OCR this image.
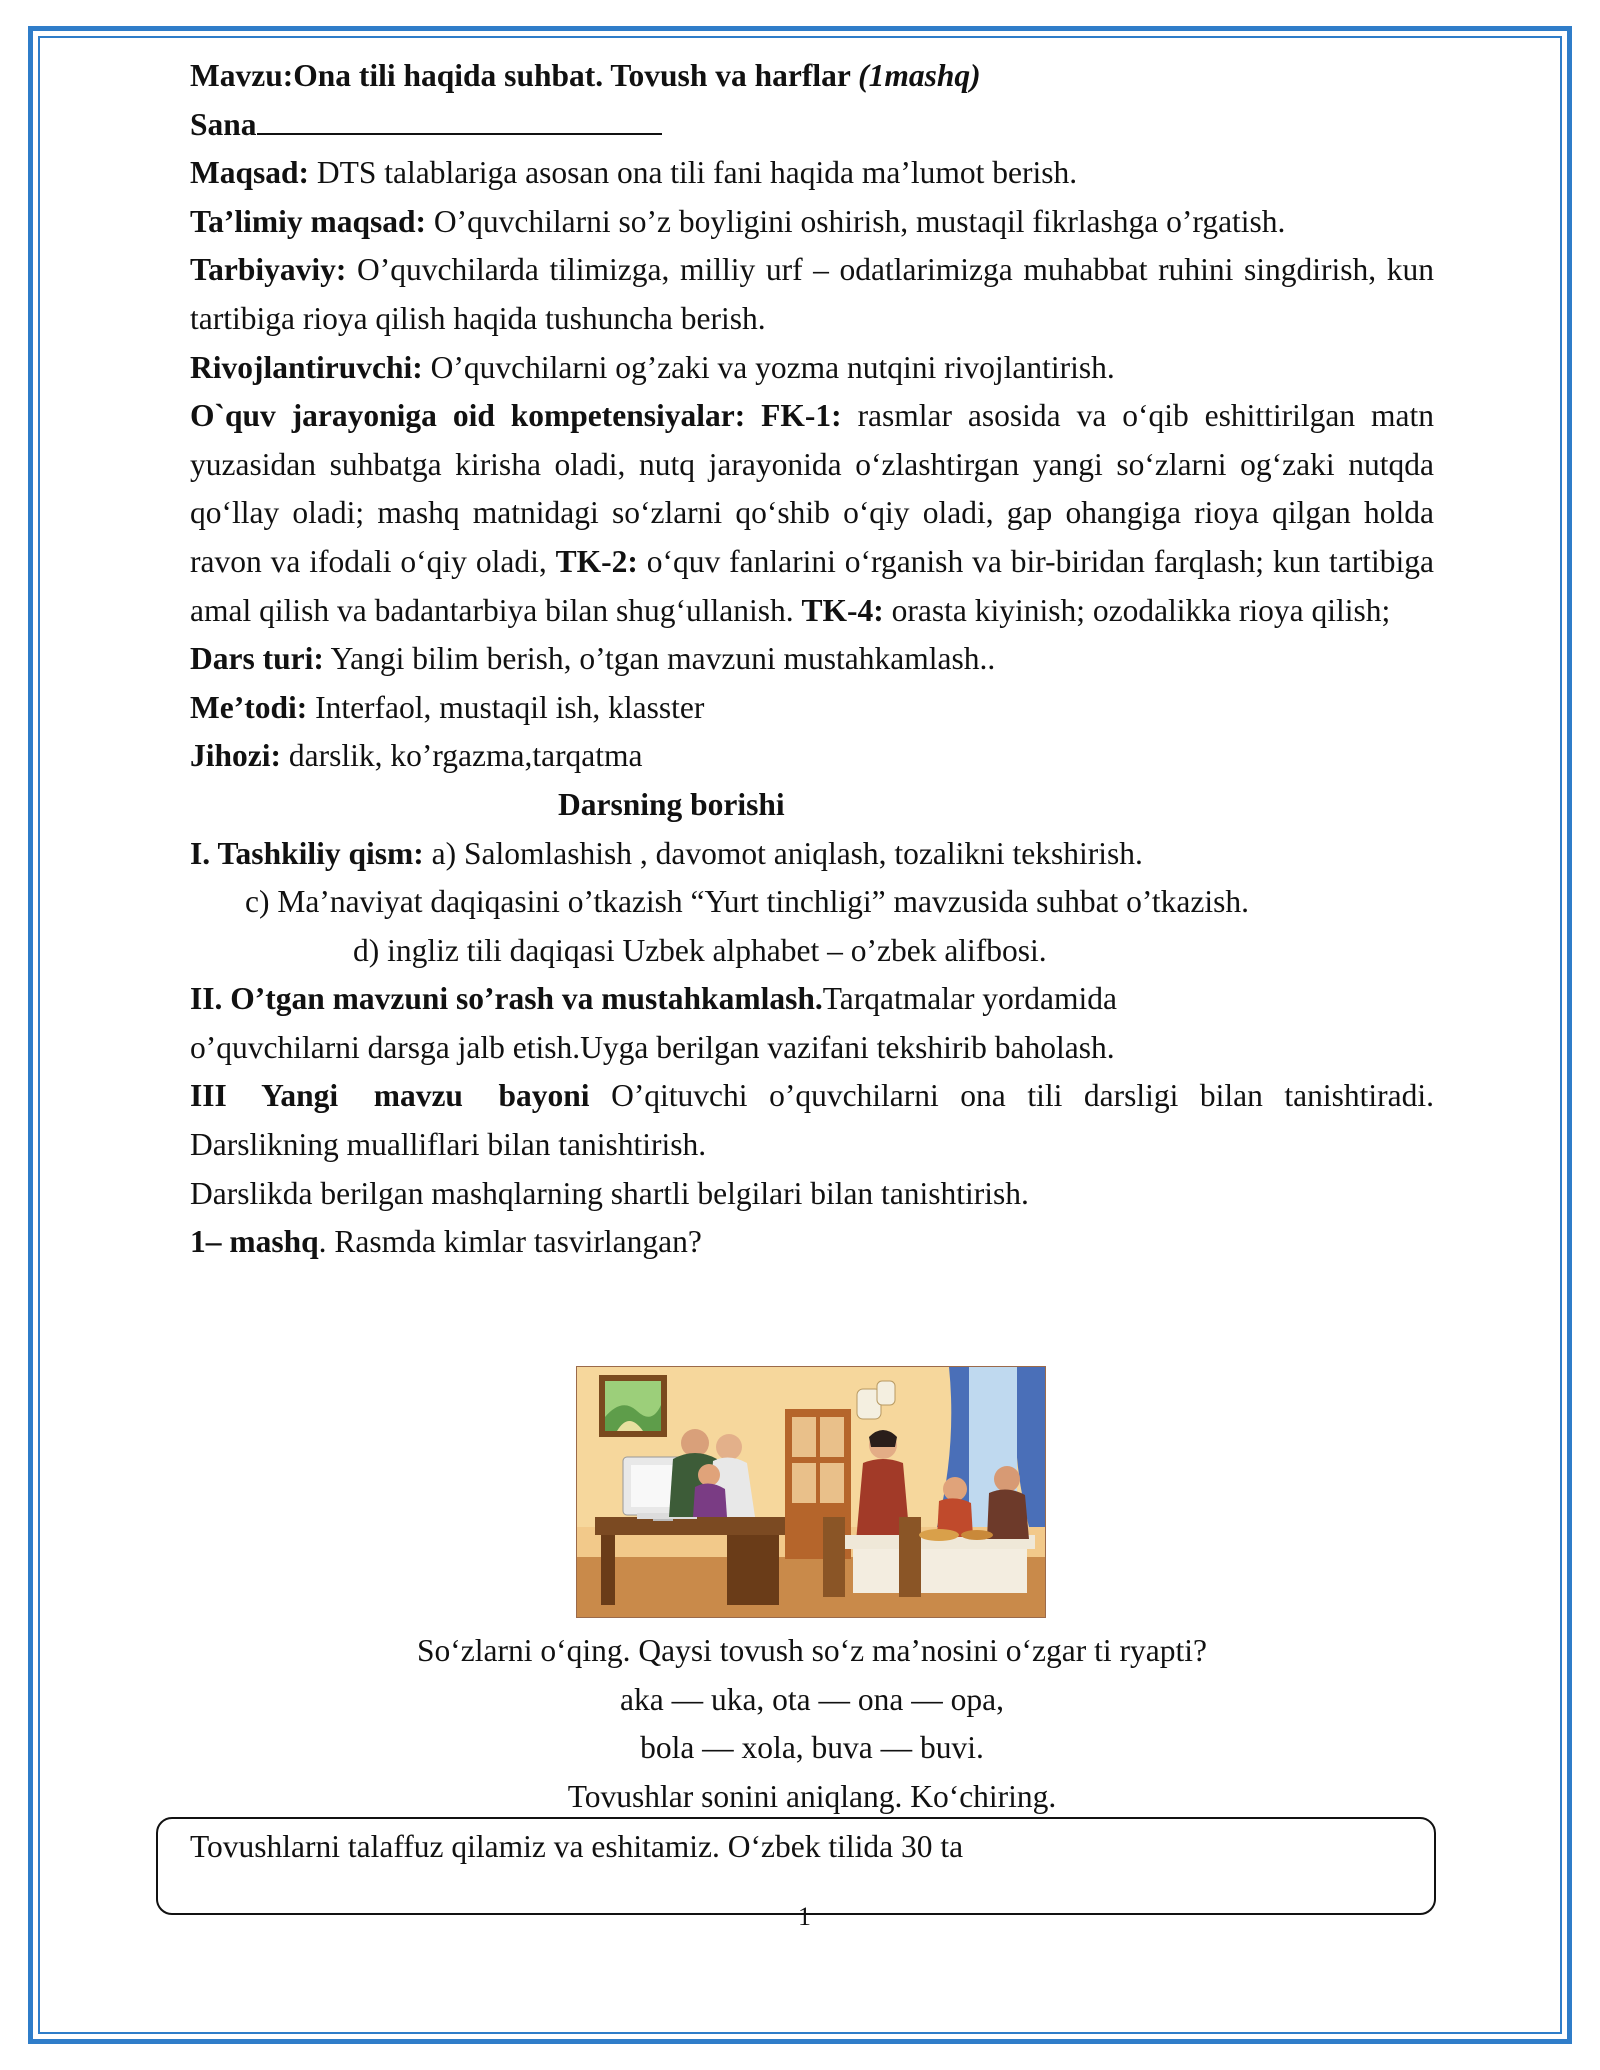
Mavzu:Ona tili haqida suhbat. Tovush va harflar (1mashq)

Sana

Maqsad: DTS talablariga asosan ona tili fani haqida ma’lumot berish.

Ta’limiy maqsad: O’quvchilarni so’z boyligini oshirish, mustaqil fikrlashga o’rgatish.

Tarbiyaviy: O’quvchilarda tilimizga, milliy urf – odatlarimizga muhabbat ruhini singdirish, kun tartibiga rioya qilish haqida tushuncha berish.

Rivojlantiruvchi: O’quvchilarni og’zaki va yozma nutqini rivojlantirish.

O`quv jarayoniga oid kompetensiyalar: FK-1: rasmlar asosida va o‘qib eshittirilgan matn yuzasidan suhbatga kirisha oladi, nutq jarayonida o‘zlashtirgan yangi so‘zlarni og‘zaki nutqda qo‘llay oladi; mashq matnidagi so‘zlarni qo‘shib o‘qiy oladi, gap ohangiga rioya qilgan holda ravon va ifodali o‘qiy oladi, TK-2: o‘quv fanlarini o‘rganish va bir-biridan farqlash; kun tartibiga amal qilish va badantarbiya bilan shug‘ullanish. TK-4: orasta kiyinish; ozodalikka rioya qilish;

Dars turi: Yangi bilim berish, o’tgan mavzuni mustahkamlash..

Me’todi: Interfaol, mustaqil ish, klasster

Jihozi: darslik, ko’rgazma,tarqatma

Darsning borishi

I. Tashkiliy qism: a) Salomlashish , davomot aniqlash, tozalikni tekshirish.

c) Ma’naviyat daqiqasini o’tkazish “Yurt tinchligi” mavzusida suhbat o’tkazish.

d) ingliz tili daqiqasi Uzbek alphabet – o’zbek alifbosi.

II. O’tgan mavzuni so’rash va mustahkamlash.Tarqatmalar yordamida

o’quvchilarni darsga jalb etish.Uyga berilgan vazifani tekshirib baholash.

III Yangi mavzu bayoni O’qituvchi o’quvchilarni ona tili darsligi bilan tanishtiradi. Darslikning mualliflari bilan tanishtirish.

Darslikda berilgan mashqlarning shartli belgilari bilan tanishtirish.

1– mashq. Rasmda kimlar tasvirlangan?

So‘zlarni o‘qing. Qaysi tovush so‘z ma’nosini o‘zgar ti ryapti?

aka — uka, ota — ona — opa,

bola — xola, buva — buvi.

Tovushlar sonini aniqlang. Ko‘chiring.

Tovushlarni talaffuz qilamiz va eshitamiz. O‘zbek tilida 30 ta
1
